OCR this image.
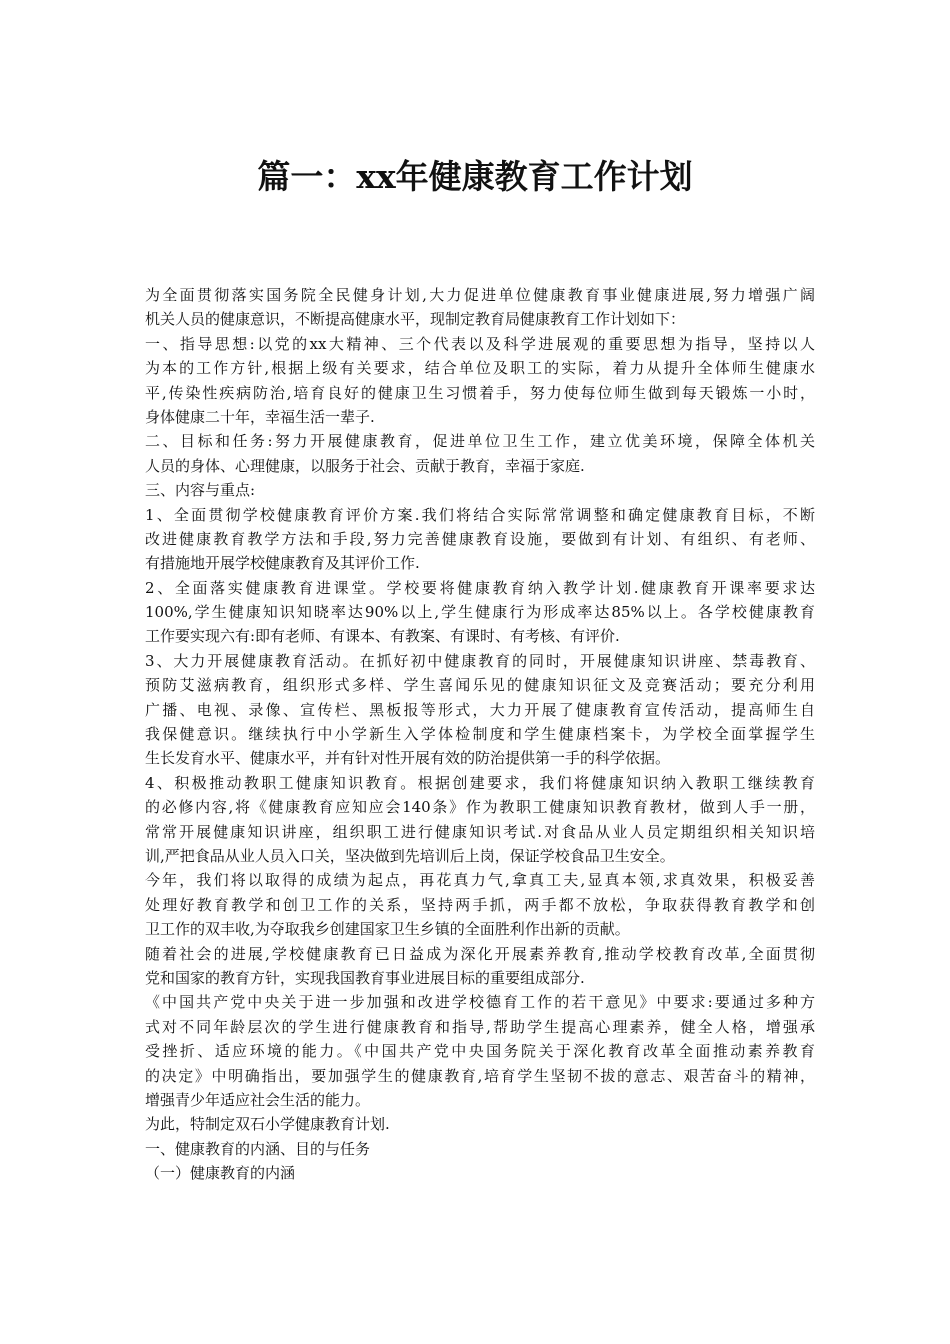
篇一：xx年健康教育工作计划
为全面贯彻落实国务院全民健身计划,大力促进单位健康教育事业健康进展,努力增强广阔
机关人员的健康意识，不断提高健康水平，现制定教育局健康教育工作计划如下：
一、指导思想:以党的xx大精神、三个代表以及科学进展观的重要思想为指导，坚持以人
为本的工作方针,根据上级有关要求，结合单位及职工的实际，着力从提升全体师生健康水
平,传染性疾病防治,培育良好的健康卫生习惯着手，努力使每位师生做到每天锻炼一小时，
身体健康二十年，幸福生活一辈子.
二、目标和任务:努力开展健康教育，促进单位卫生工作，建立优美环境，保障全体机关
人员的身体、心理健康，以服务于社会、贡献于教育，幸福于家庭.
三、内容与重点:
1、全面贯彻学校健康教育评价方案.我们将结合实际常常调整和确定健康教育目标，不断
改进健康教育教学方法和手段,努力完善健康教育设施，要做到有计划、有组织、有老师、
有措施地开展学校健康教育及其评价工作.
2、全面落实健康教育进课堂。学校要将健康教育纳入教学计划.健康教育开课率要求达
100%,学生健康知识知晓率达90%以上,学生健康行为形成率达85%以上。各学校健康教育
工作要实现六有:即有老师、有课本、有教案、有课时、有考核、有评价.
3、大力开展健康教育活动。在抓好初中健康教育的同时，开展健康知识讲座、禁毒教育、
预防艾滋病教育，组织形式多样、学生喜闻乐见的健康知识征文及竞赛活动；要充分利用
广播、电视、录像、宣传栏、黑板报等形式，大力开展了健康教育宣传活动，提高师生自
我保健意识。继续执行中小学新生入学体检制度和学生健康档案卡，为学校全面掌握学生
生长发育水平、健康水平，并有针对性开展有效的防治提供第一手的科学依据。
4、积极推动教职工健康知识教育。根据创建要求，我们将健康知识纳入教职工继续教育
的必修内容,将《健康教育应知应会140条》作为教职工健康知识教育教材，做到人手一册，
常常开展健康知识讲座，组织职工进行健康知识考试.对食品从业人员定期组织相关知识培
训,严把食品从业人员入口关，坚决做到先培训后上岗，保证学校食品卫生安全。
今年，我们将以取得的成绩为起点，再花真力气,拿真工夫,显真本领,求真效果，积极妥善
处理好教育教学和创卫工作的关系，坚持两手抓，两手都不放松，争取获得教育教学和创
卫工作的双丰收,为夺取我乡创建国家卫生乡镇的全面胜利作出新的贡献。
随着社会的进展,学校健康教育已日益成为深化开展素养教育,推动学校教育改革,全面贯彻
党和国家的教育方针，实现我国教育事业进展目标的重要组成部分.
《中国共产党中央关于进一步加强和改进学校德育工作的若干意见》中要求:要通过多种方
式对不同年龄层次的学生进行健康教育和指导,帮助学生提高心理素养，健全人格，增强承
受挫折、适应环境的能力。《中国共产党中央国务院关于深化教育改革全面推动素养教育
的决定》中明确指出，要加强学生的健康教育,培育学生坚韧不拔的意志、艰苦奋斗的精神，
增强青少年适应社会生活的能力。
为此，特制定双石小学健康教育计划.
一、健康教育的内涵、目的与任务
（一）健康教育的内涵
